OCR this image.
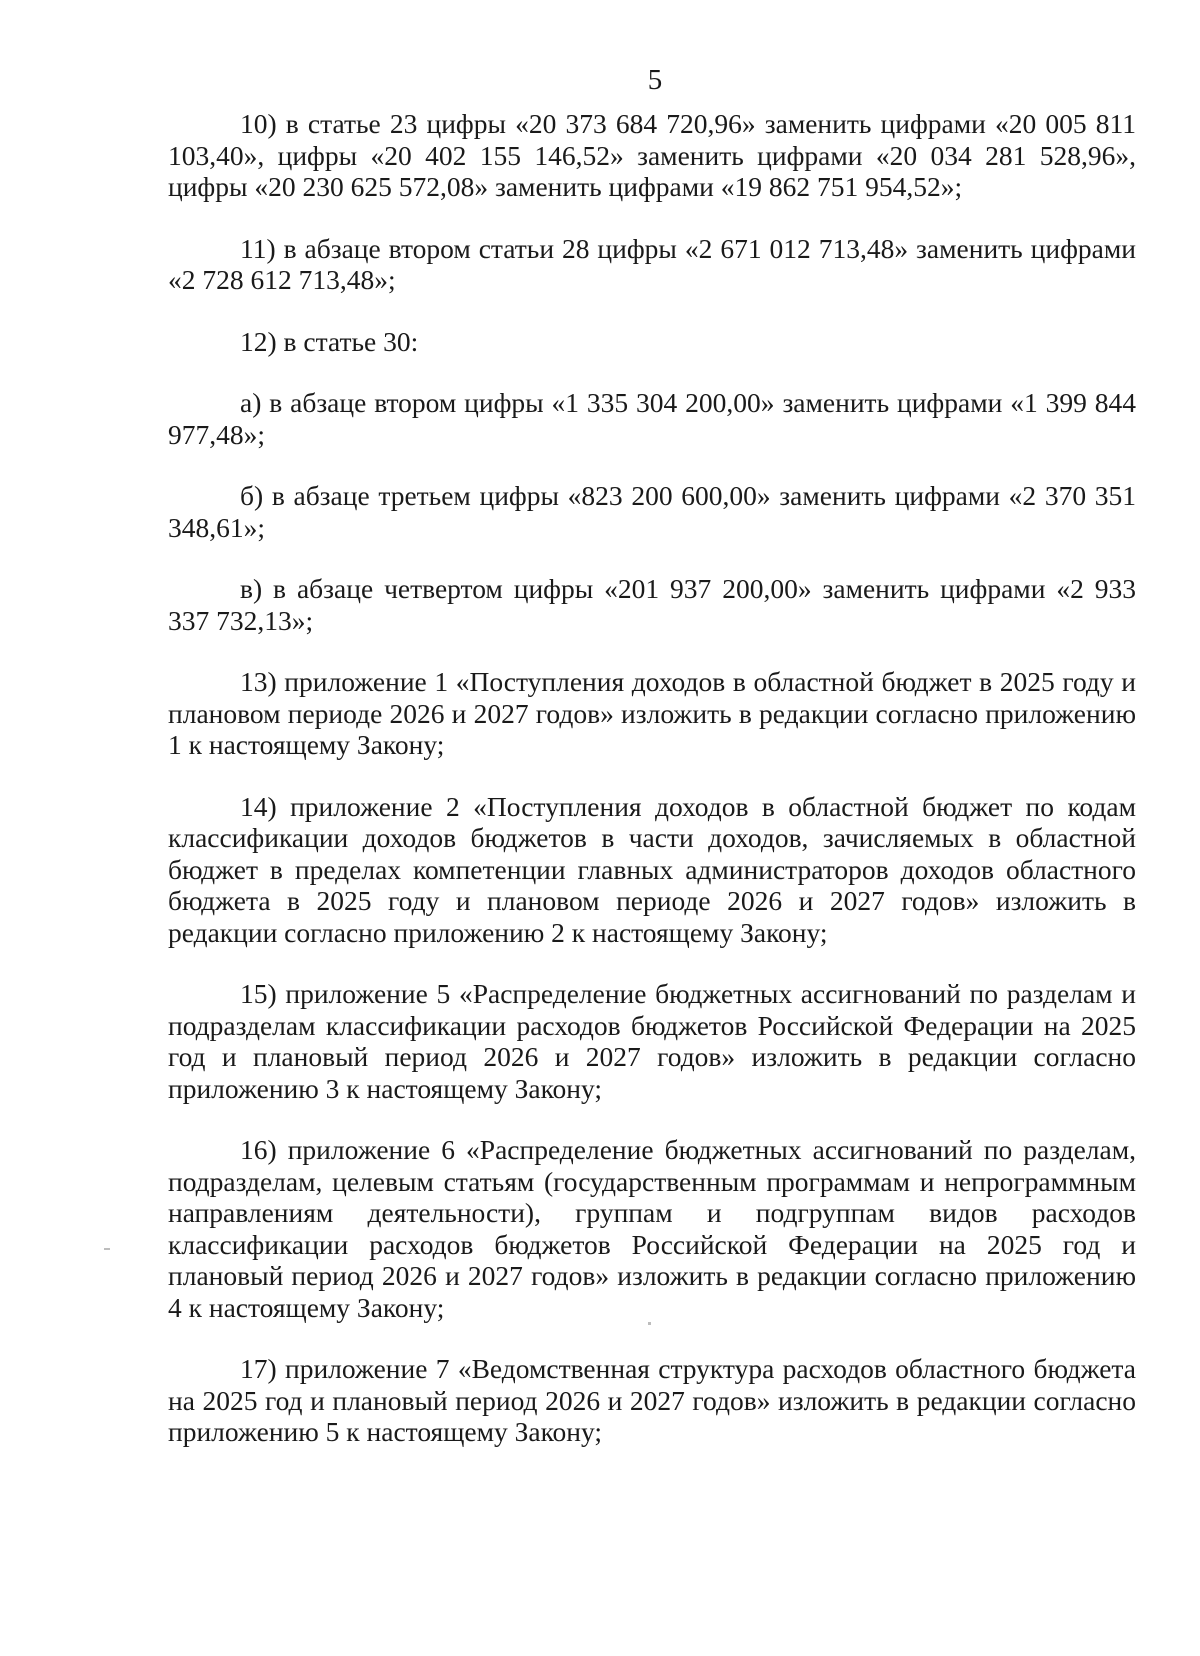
5

10) в статье 23 цифры «20 373 684 720,96» заменить цифрами «20 005 811 103,40», цифры «20 402 155 146,52» заменить цифрами «20 034 281 528,96», цифры «20 230 625 572,08» заменить цифрами «19 862 751 954,52»;

11) в абзаце втором статьи 28 цифры «2 671 012 713,48» заменить цифрами «2 728 612 713,48»;

12) в статье 30:

а) в абзаце втором цифры «1 335 304 200,00» заменить цифрами «1 399 844 977,48»;

б) в абзаце третьем цифры «823 200 600,00» заменить цифрами «2 370 351 348,61»;

в) в абзаце четвертом цифры «201 937 200,00» заменить цифрами «2 933 337 732,13»;

13) приложение 1 «Поступления доходов в областной бюджет в 2025 году и плановом периоде 2026 и 2027 годов» изложить в редакции согласно приложению 1 к настоящему Закону;

14) приложение 2 «Поступления доходов в областной бюджет по кодам классификации доходов бюджетов в части доходов, зачисляемых в областной бюджет в пределах компетенции главных администраторов доходов областного бюджета в 2025 году и плановом периоде 2026 и 2027 годов» изложить в редакции согласно приложению 2 к настоящему Закону;

15) приложение 5 «Распределение бюджетных ассигнований по разделам и подразделам классификации расходов бюджетов Российской Федерации на 2025 год и плановый период 2026 и 2027 годов» изложить в редакции согласно приложению 3 к настоящему Закону;

16) приложение 6 «Распределение бюджетных ассигнований по разделам, подразделам, целевым статьям (государственным программам и непрограммным направлениям деятельности), группам и подгруппам видов расходов классификации расходов бюджетов Российской Федерации на 2025 год и плановый период 2026 и 2027 годов» изложить в редакции согласно приложению 4 к настоящему Закону;

17) приложение 7 «Ведомственная структура расходов областного бюджета на 2025 год и плановый период 2026 и 2027 годов» изложить в редакции согласно приложению 5 к настоящему Закону;
